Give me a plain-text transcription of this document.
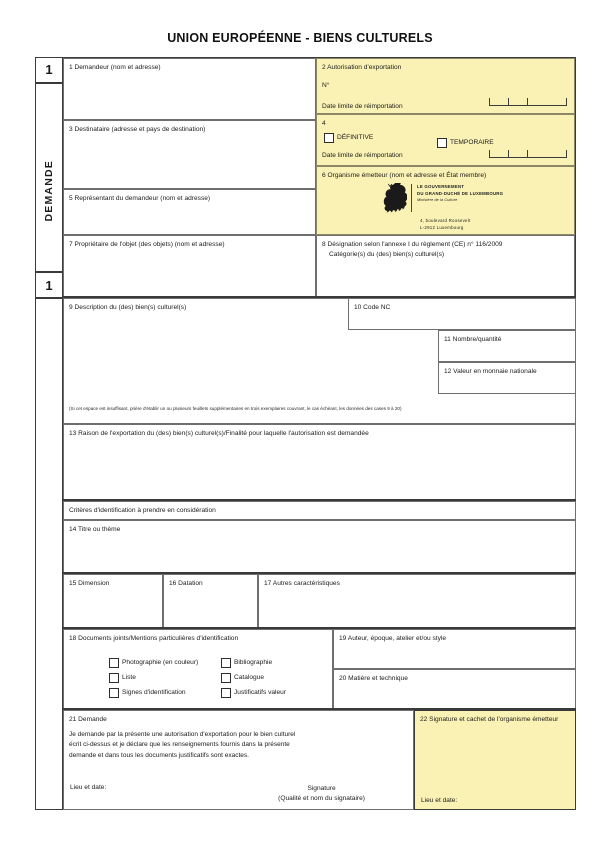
UNION EUROPÉENNE - BIENS CULTURELS
1
DEMANDE
1
1 Demandeur (nom et adresse)	2 Autorisation d'exportation
N°
Date limite de réimportation
3 Destinataire (adresse et pays de destination)
4
DÉFINITIVE
TEMPORAIRE
Date limite de réimportation
5 Représentant du demandeur (nom et adresse)
6 Organisme émetteur (nom et adresse et État membre)
LE GOUVERNEMENT
DU GRAND-DUCHÉ DE LUXEMBOURG
Ministère de la Culture
4, boulevard Roosevelt
L-2912 Luxembourg
7 Propriétaire de l'objet (des objets) (nom et adresse)	8 Désignation selon l'annexe I du règlement (CE) n° 116/2009
Catégorie(s) du (des) bien(s) culturel(s)
9 Description du (des) bien(s) culturel(s)	10 Code NC
11 Nombre/quantité
12 Valeur en monnaie nationale
(Si cet espace est insuffisant, prière d'établir un ou plusieurs feuillets supplémentaires en trois exemplaires couvrant, le cas échéant, les données des cases 9 à 20)
13 Raison de l'exportation du (des) bien(s) culturel(s)/Finalité pour laquelle l'autorisation est demandée
Critères d'identification à prendre en considération
14 Titre ou thème
15 Dimension	16 Datation	17 Autres caractéristiques
18 Documents joints/Mentions particulières d'identification
Photographie (en couleur)
Liste
Signes d'identification
Bibliographie
Catalogue
Justificatifs valeur
19 Auteur, époque, atelier et/ou style
20 Matière et technique
21 Demande
Je demande par la présente une autorisation d'exportation pour le bien culturel
écrit ci-dessus et je déclare que les renseignements fournis dans la présente
demande et dans tous les documents justificatifs sont exactes.
Lieu et date:	Signature
(Qualité et nom du signataire)
22 Signature et cachet de l'organisme émetteur
Lieu et date:
